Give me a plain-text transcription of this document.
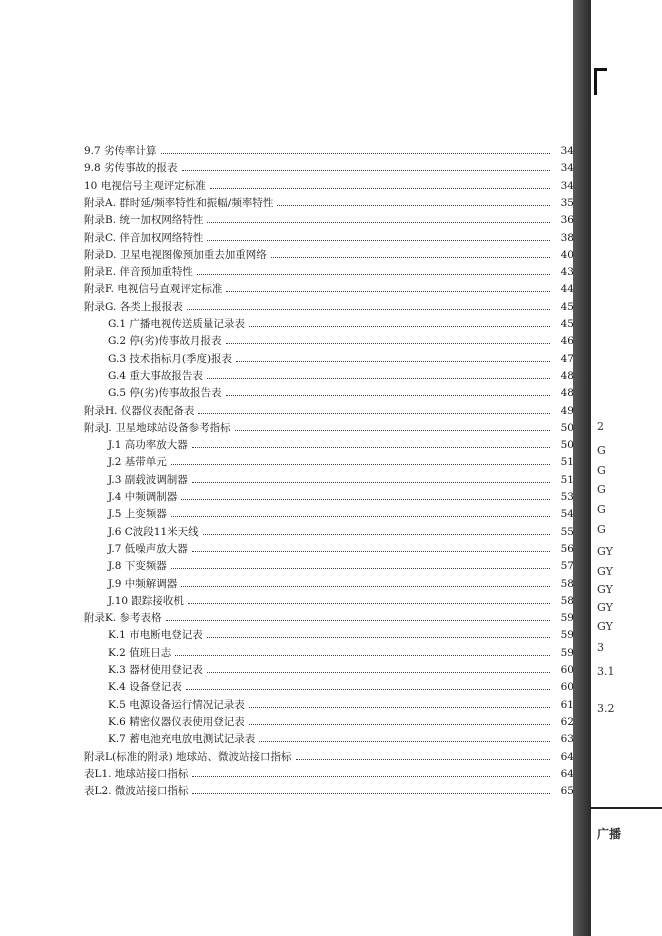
9.7 劣传率计算	34
9.8 劣传事故的报表	34
10 电视信号主观评定标准	34
附录A. 群时延/频率特性和振幅/频率特性	35
附录B. 统一加权网络特性	36
附录C. 伴音加权网络特性	38
附录D. 卫星电视图像预加重去加重网络	40
附录E. 伴音预加重特性	43
附录F. 电视信号直观评定标准	44
附录G. 各类上报报表	45
G.1 广播电视传送质量记录表	45
G.2 停(劣)传事故月报表	46
G.3 技术指标月(季度)报表	47
G.4 重大事故报告表	48
G.5 停(劣)传事故报告表	48
附录H. 仪器仪表配备表	49
附录J. 卫星地球站设备参考指标	50
J.1 高功率放大器	50
J.2 基带单元	51
J.3 副载波调制器	51
J.4 中频调制器	53
J.5 上变频器	54
J.6 C波段11米天线	55
J.7 低噪声放大器	56
J.8 下变频器	57
J.9 中频解调器	58
J.10 跟踪接收机	58
附录K. 参考表格	59
K.1 市电断电登记表	59
K.2 值班日志	59
K.3 器材使用登记表	60
K.4 设备登记表	60
K.5 电源设备运行情况记录表	61
K.6 精密仪器仪表使用登记表	62
K.7 蓄电池充电放电测试记录表	63
附录L(标准的附录) 地球站、微波站接口指标	64
表L1. 地球站接口指标	64
表L2. 微波站接口指标	65
2
G
G
G
G
G
GY
GY
GY
GY
GY
3
3.1
3.2
广播
